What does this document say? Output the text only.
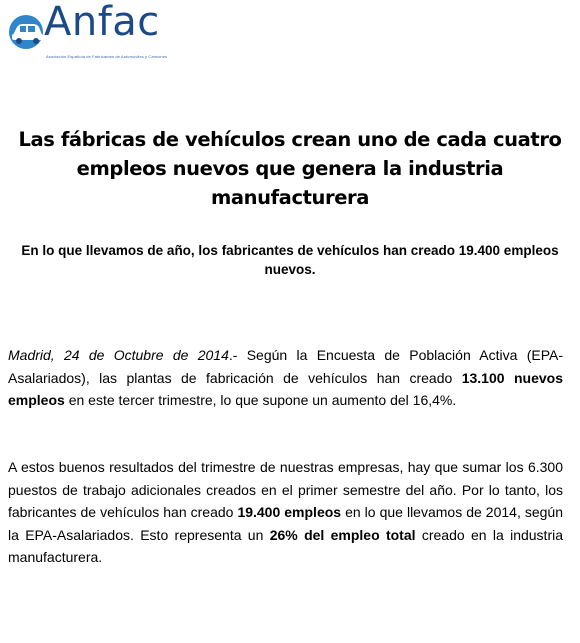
Anfac
Asociación Española de Fabricantes de Automóviles y Camiones
Las fábricas de vehículos crean uno de cada cuatro empleos nuevos que genera la industria manufacturera
En lo que llevamos de año, los fabricantes de vehículos han creado 19.400 empleos nuevos.

Madrid, 24 de Octubre de 2014.- Según la Encuesta de Población Activa (EPA-Asalariados), las plantas de fabricación de vehículos han creado 13.100 nuevos empleos en este tercer trimestre, lo que supone un aumento del 16,4%.

A estos buenos resultados del trimestre de nuestras empresas, hay que sumar los 6.300 puestos de trabajo adicionales creados en el primer semestre del año. Por lo tanto, los fabricantes de vehículos han creado 19.400 empleos en lo que llevamos de 2014, según la EPA-Asalariados. Esto representa un 26% del empleo total creado en la industria manufacturera.
